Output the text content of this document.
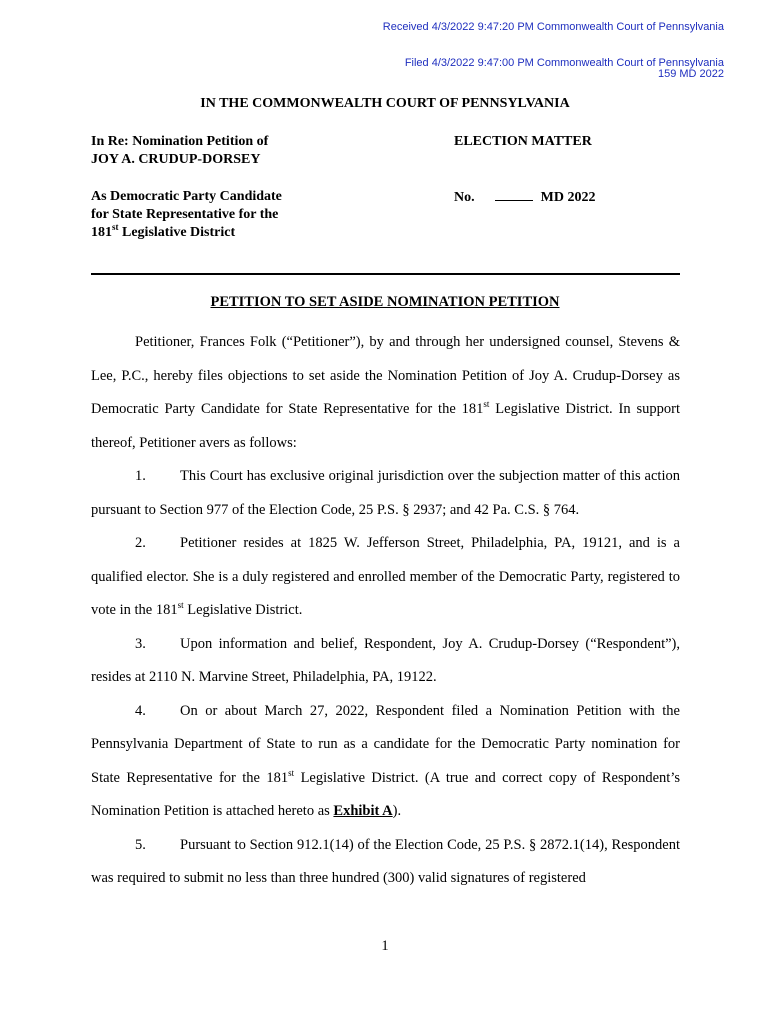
Received 4/3/2022 9:47:20 PM Commonwealth Court of Pennsylvania
Filed 4/3/2022 9:47:00 PM Commonwealth Court of Pennsylvania
159 MD 2022
IN THE COMMONWEALTH COURT OF PENNSYLVANIA
In Re: Nomination Petition of
JOY A. CRUDUP-DORSEY
As Democratic Party Candidate
for State Representative for the
181st Legislative District
ELECTION MATTER
No.	MD 2022
PETITION TO SET ASIDE NOMINATION PETITION

Petitioner, Frances Folk (“Petitioner”), by and through her undersigned counsel, Stevens & Lee, P.C., hereby files objections to set aside the Nomination Petition of Joy A. Crudup-Dorsey as Democratic Party Candidate for State Representative for the 181st Legislative District. In support thereof, Petitioner avers as follows:

1. This Court has exclusive original jurisdiction over the subjection matter of this action pursuant to Section 977 of the Election Code, 25 P.S. § 2937; and 42 Pa. C.S. § 764.

2. Petitioner resides at 1825 W. Jefferson Street, Philadelphia, PA, 19121, and is a qualified elector. She is a duly registered and enrolled member of the Democratic Party, registered to vote in the 181st Legislative District.

3. Upon information and belief, Respondent, Joy A. Crudup-Dorsey (“Respondent”), resides at 2110 N. Marvine Street, Philadelphia, PA, 19122.

4. On or about March 27, 2022, Respondent filed a Nomination Petition with the Pennsylvania Department of State to run as a candidate for the Democratic Party nomination for State Representative for the 181st Legislative District. (A true and correct copy of Respondent’s Nomination Petition is attached hereto as Exhibit A).

5. Pursuant to Section 912.1(14) of the Election Code, 25 P.S. § 2872.1(14), Respondent was required to submit no less than three hundred (300) valid signatures of registered

1
